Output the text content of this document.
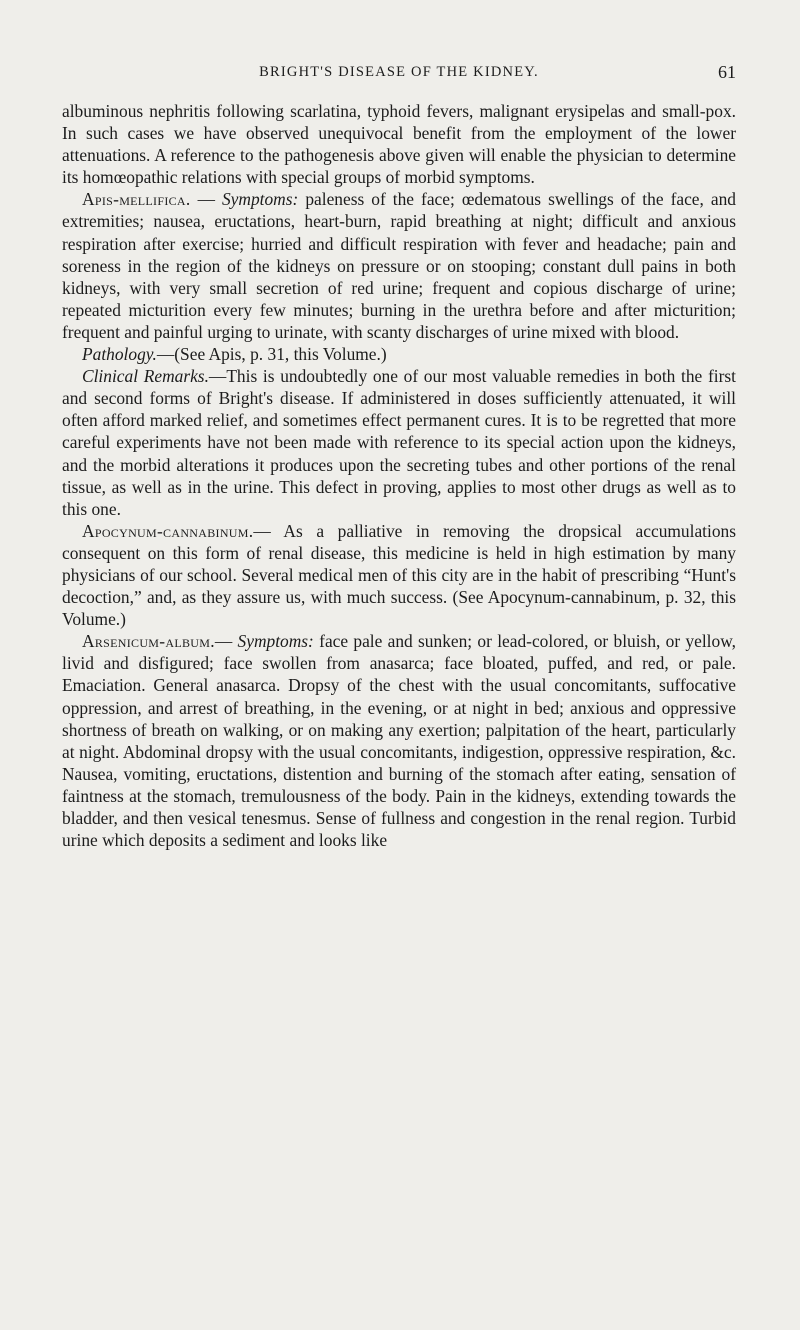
BRIGHT'S DISEASE OF THE KIDNEY.	61

albuminous nephritis following scarlatina, typhoid fevers, malignant erysipelas and small-pox. In such cases we have observed unequivocal benefit from the employment of the lower attenuations. A reference to the pathogenesis above given will enable the physician to determine its homœopathic relations with special groups of morbid symptoms.

Apis-mellifica. — Symptoms: paleness of the face; œdematous swellings of the face, and extremities; nausea, eructations, heart-burn, rapid breathing at night; difficult and anxious respiration after exercise; hurried and difficult respiration with fever and headache; pain and soreness in the region of the kidneys on pressure or on stooping; constant dull pains in both kidneys, with very small secretion of red urine; frequent and copious discharge of urine; repeated micturition every few minutes; burning in the urethra before and after micturition; frequent and painful urging to urinate, with scanty discharges of urine mixed with blood.

Pathology.—(See Apis, p. 31, this Volume.)

Clinical Remarks.—This is undoubtedly one of our most valuable remedies in both the first and second forms of Bright's disease. If administered in doses sufficiently attenuated, it will often afford marked relief, and sometimes effect permanent cures. It is to be regretted that more careful experiments have not been made with reference to its special action upon the kidneys, and the morbid alterations it produces upon the secreting tubes and other portions of the renal tissue, as well as in the urine. This defect in proving, applies to most other drugs as well as to this one.

Apocynum-cannabinum.— As a palliative in removing the dropsical accumulations consequent on this form of renal disease, this medicine is held in high estimation by many physicians of our school. Several medical men of this city are in the habit of prescribing “Hunt's decoction,” and, as they assure us, with much success. (See Apocynum-cannabinum, p. 32, this Volume.)

Arsenicum-album.— Symptoms: face pale and sunken; or lead-colored, or bluish, or yellow, livid and disfigured; face swollen from anasarca; face bloated, puffed, and red, or pale. Emaciation. General anasarca. Dropsy of the chest with the usual concomitants, suffocative oppression, and arrest of breathing, in the evening, or at night in bed; anxious and oppressive shortness of breath on walking, or on making any exertion; palpitation of the heart, particularly at night. Abdominal dropsy with the usual concomitants, indigestion, oppressive respiration, &c. Nausea, vomiting, eructations, distention and burning of the stomach after eating, sensation of faintness at the stomach, tremulousness of the body. Pain in the kidneys, extending towards the bladder, and then vesical tenesmus. Sense of fullness and congestion in the renal region. Turbid urine which deposits a sediment and looks like
